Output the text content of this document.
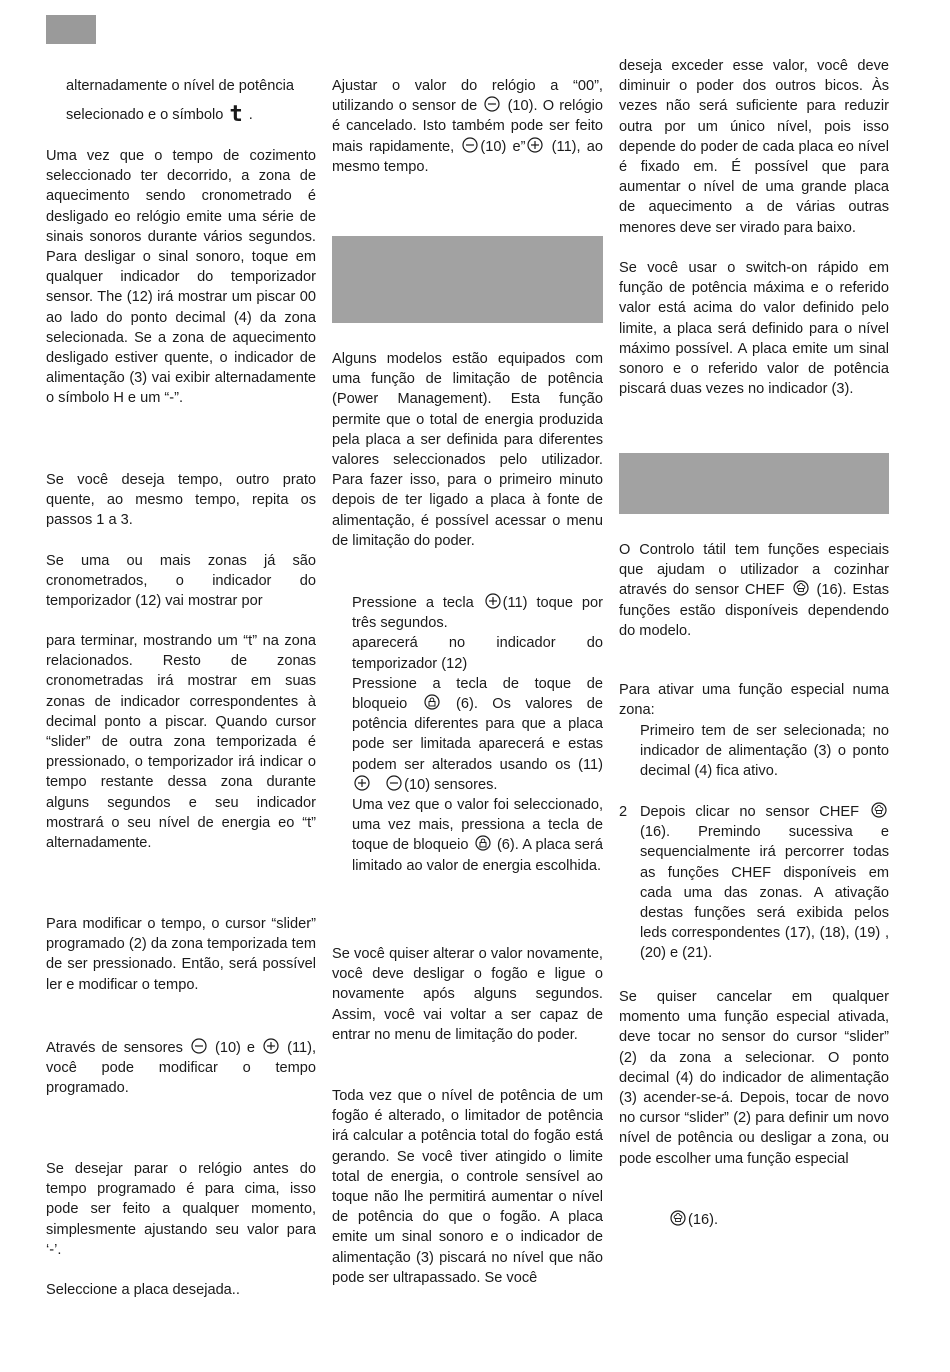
alternadamente o nível de potência
selecionado e o símbolo t .

Uma vez que o tempo de cozimento seleccionado ter decorrido, a zona de aquecimento sendo cronometrado é desligado eo relógio emite uma série de sinais sonoros durante vários segundos. Para desligar o sinal sonoro, toque em qualquer indicador do temporizador sensor. The (12) irá mostrar um piscar 00 ao lado do ponto decimal (4) da zona selecionada. Se a zona de aquecimento desligado estiver quente, o indicador de alimentação (3) vai exibir alternadamente o símbolo H e um “-”.

Se você deseja tempo, outro prato quente, ao mesmo tempo, repita os passos 1 a 3.

Se uma ou mais zonas já são cronometrados, o indicador do temporizador (12) vai mostrar por

para terminar, mostrando um “t” na zona relacionados. Resto de zonas cronometradas irá mostrar em suas zonas de indicador correspondentes à decimal ponto a piscar. Quando cursor “slider” de outra zona temporizada é pressionado, o temporizador irá indicar o tempo restante dessa zona durante alguns segundos e seu indicador mostrará o seu nível de energia eo “t” alternadamente.

Para modificar o tempo, o cursor “slider” programado (2) da zona temporizada tem de ser pressionado. Então, será possível ler e modificar o tempo.

Através de sensores (10) e (11), você pode modificar o tempo programado.

Se desejar parar o relógio antes do tempo programado é para cima, isso pode ser feito a qualquer momento, simplesmente ajustando seu valor para ‘-’.

Seleccione a placa desejada..

Ajustar o valor do relógio a “00”, utilizando o sensor de (10). O relógio é cancelado. Isto também pode ser feito mais rapidamente, (10) e” (11), ao mesmo tempo.

Alguns modelos estão equipados com uma função de limitação de potência (Power Management). Esta função permite que o total de energia produzida pela placa a ser definida para diferentes valores seleccionados pelo utilizador. Para fazer isso, para o primeiro minuto depois de ter ligado a placa à fonte de alimentação, é possível acessar o menu de limitação do poder.

Pressione a tecla (11) toque por três segundos.
aparecerá no indicador do temporizador (12)
Pressione a tecla de toque de bloqueio	(6). Os valores de potência diferentes para que a placa pode ser limitada aparecerá e estas podem ser alterados usando os (11)

(10) sensores.
Uma vez que o valor foi seleccionado, uma vez mais, pressiona a tecla de toque de bloqueio (6). A placa será limitado ao valor de energia escolhida.

Se você quiser alterar o valor novamente, você deve desligar o fogão e ligue o novamente após alguns segundos. Assim, você vai voltar a ser capaz de entrar no menu de limitação do poder.

Toda vez que o nível de potência de um fogão é alterado, o limitador de potência irá calcular a potência total do fogão está gerando. Se você tiver atingido o limite total de energia, o controle sensível ao toque não lhe permitirá aumentar o nível de potência do que o fogão. A placa emite um sinal sonoro e o indicador de alimentação (3) piscará no nível que não pode ser ultrapassado. Se você

deseja exceder esse valor, você deve diminuir o poder dos outros bicos. Às vezes não será suficiente para reduzir outra por um único nível, pois isso depende do poder de cada placa eo nível é fixado em. É possível que para aumentar o nível de uma grande placa de aquecimento a de várias outras menores deve ser virado para baixo.

Se você usar o switch-on rápido em função de potência máxima e o referido valor está acima do valor definido pelo limite, a placa será definido para o nível máximo possível. A placa emite um sinal sonoro e o referido valor de potência piscará duas vezes no indicador (3).

O Controlo tátil tem funções especiais que ajudam o utilizador a cozinhar através do sensor CHEF (16). Estas funções estão disponíveis dependendo do modelo.

Para ativar uma função especial numa zona:

Primeiro tem de ser selecionada; no indicador de alimentação (3) o ponto decimal (4) fica ativo.

2 Depois clicar no sensor CHEF
(16). Premindo sucessiva e sequencialmente irá percorrer todas as funções CHEF disponíveis em cada uma das zonas. A ativação destas funções será exibida pelos leds correspondentes (17), (18), (19) ,(20) e (21).

Se quiser cancelar em qualquer momento uma função especial ativada, deve tocar no sensor do cursor “slider” (2) da zona a selecionar. O ponto decimal (4) do indicador de alimentação (3) acender-se-á. Depois, tocar de novo no cursor “slider” (2) para definir um novo nível de potência ou desligar a zona, ou pode escolher uma função especial

(16).
